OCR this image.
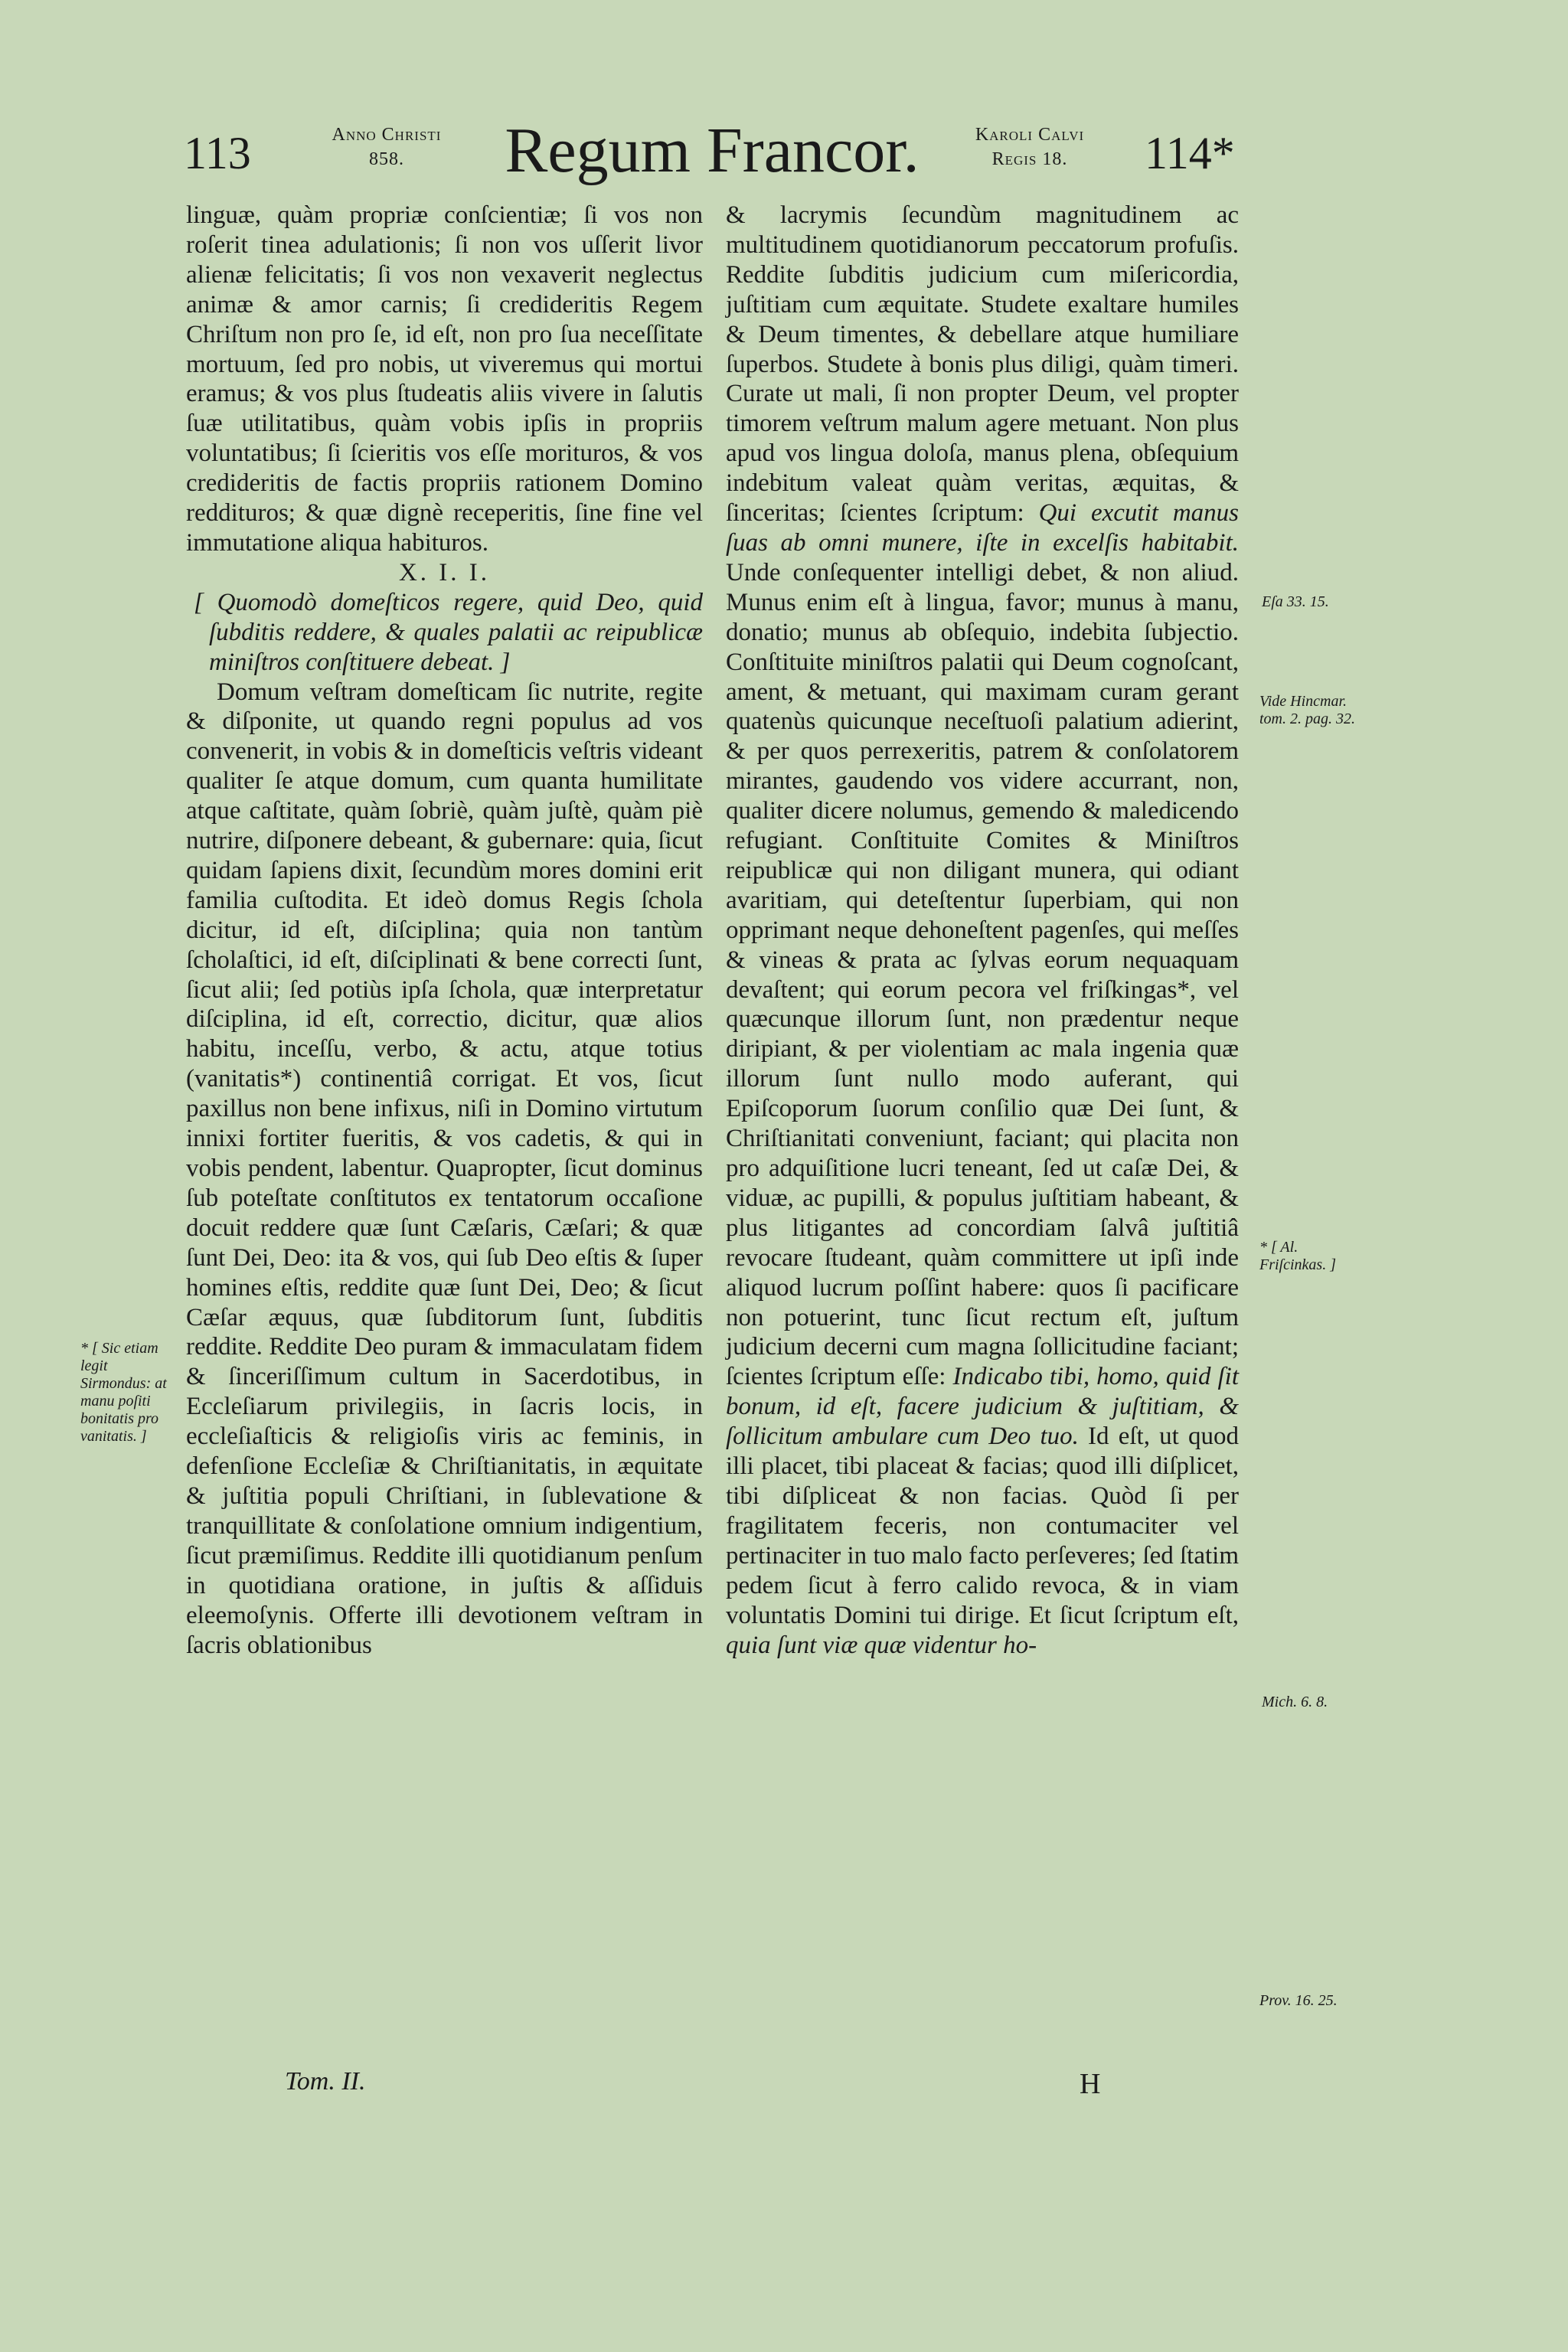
113	Anno Christi
858.	Regum Francor.	Karoli Calvi
Regis 18.	114*

linguæ, quàm propriæ conſcientiæ; ſi vos non roſerit tinea adulationis; ſi non vos uſſerit livor alienæ felicitatis; ſi vos non vexaverit neglectus animæ & amor carnis; ſi credideritis Regem Chriſtum non pro ſe, id eſt, non pro ſua neceſſitate mortuum, ſed pro nobis, ut viveremus qui mortui eramus; & vos plus ſtudeatis aliis vivere in ſalutis ſuæ utilitatibus, quàm vobis ipſis in propriis voluntatibus; ſi ſcieritis vos eſſe morituros, & vos credideritis de factis propriis rationem Domino reddituros; & quæ dignè receperitis, ſine fine vel immutatione aliqua habituros.

X. I. I.

[ Quomodò domeſticos regere, quid Deo, quid ſubditis reddere, & quales palatii ac reipublicæ miniſtros conſtituere debeat. ]

Domum veſtram domeſticam ſic nutrite, regite & diſponite, ut quando regni populus ad vos convenerit, in vobis & in domeſticis veſtris videant qualiter ſe atque domum, cum quanta humilitate atque caſtitate, quàm ſobriè, quàm juſtè, quàm piè nutrire, diſponere debeant, & gubernare: quia, ſicut quidam ſapiens dixit, ſecundùm mores domini erit familia cuſtodita. Et ideò domus Regis ſchola dicitur, id eſt, diſciplina; quia non tantùm ſcholaſtici, id eſt, diſciplinati & bene correcti ſunt, ſicut alii; ſed potiùs ipſa ſchola, quæ interpretatur diſciplina, id eſt, correctio, dicitur, quæ alios habitu, inceſſu, verbo, & actu, atque totius (vanitatis*) continentiâ corrigat. Et vos, ſicut paxillus non bene infixus, niſi in Domino virtutum innixi fortiter fueritis, & vos cadetis, & qui in vobis pendent, labentur. Quapropter, ſicut dominus ſub poteſtate conſtitutos ex tentatorum occaſione docuit reddere quæ ſunt Cæſaris, Cæſari; & quæ ſunt Dei, Deo: ita & vos, qui ſub Deo eſtis & ſuper homines eſtis, reddite quæ ſunt Dei, Deo; & ſicut Cæſar æquus, quæ ſubditorum ſunt, ſubditis reddite. Reddite Deo puram & immaculatam fidem & ſinceriſſimum cultum in Sacerdotibus, in Eccleſiarum privilegiis, in ſacris locis, in eccleſiaſticis & religioſis viris ac feminis, in defenſione Eccleſiæ & Chriſtianitatis, in æquitate & juſtitia populi Chriſtiani, in ſublevatione & tranquillitate & conſolatione omnium indigentium, ſicut præmiſimus. Reddite illi quotidianum penſum in quotidiana oratione, in juſtis & aſſiduis eleemoſynis. Offerte illi devotionem veſtram in ſacris oblationibus

Tom. II.

& lacrymis ſecundùm magnitudinem ac multitudinem quotidianorum peccatorum profuſis. Reddite ſubditis judicium cum miſericordia, juſtitiam cum æquitate. Studete exaltare humiles & Deum timentes, & debellare atque humiliare ſuperbos. Studete à bonis plus diligi, quàm timeri. Curate ut mali, ſi non propter Deum, vel propter timorem veſtrum malum agere metuant. Non plus apud vos lingua doloſa, manus plena, obſequium indebitum valeat quàm veritas, æquitas, & ſinceritas; ſcientes ſcriptum: Qui excutit manus ſuas ab omni munere, iſte in excelſis habitabit. Unde conſequenter intelligi debet, & non aliud. Munus enim eſt à lingua, favor; munus à manu, donatio; munus ab obſequio, indebita ſubjectio. Conſtituite miniſtros palatii qui Deum cognoſcant, ament, & metuant, qui maximam curam gerant quatenùs quicunque neceſtuoſi palatium adierint, & per quos perrexeritis, patrem & conſolatorem mirantes, gaudendo vos videre accurrant, non, qualiter dicere nolumus, gemendo & maledicendo refugiant. Conſtituite Comites & Miniſtros reipublicæ qui non diligant munera, qui odiant avaritiam, qui deteſtentur ſuperbiam, qui non opprimant neque dehoneſtent pagenſes, qui meſſes & vineas & prata ac ſylvas eorum nequaquam devaſtent; qui eorum pecora vel friſkingas*, vel quæcunque illorum ſunt, non prædentur neque diripiant, & per violentiam ac mala ingenia quæ illorum ſunt nullo modo auferant, qui Epiſcoporum ſuorum conſilio quæ Dei ſunt, & Chriſtianitati conveniunt, faciant; qui placita non pro adquiſitione lucri teneant, ſed ut caſæ Dei, & viduæ, ac pupilli, & populus juſtitiam habeant, & plus litigantes ad concordiam ſalvâ juſtitiâ revocare ſtudeant, quàm committere ut ipſi inde aliquod lucrum poſſint habere: quos ſi pacificare non potuerint, tunc ſicut rectum eſt, juſtum judicium decerni cum magna ſollicitudine faciant; ſcientes ſcriptum eſſe: Indicabo tibi, homo, quid ſit bonum, id eſt, facere judicium & juſtitiam, & ſollicitum ambulare cum Deo tuo. Id eſt, ut quod illi placet, tibi placeat & facias; quod illi diſplicet, tibi diſpliceat & non facias. Quòd ſi per fragilitatem feceris, non contumaciter vel pertinaciter in tuo malo facto perſeveres; ſed ſtatim pedem ſicut à ferro calido revoca, & in viam voluntatis Domini tui dirige. Et ſicut ſcriptum eſt, quia ſunt viæ quæ videntur ho-

H
* [ Sic etiam legit Sirmondus: at manu poſiti bonitatis pro vanitatis. ]
Eſa 33. 15.
Vide Hincmar. tom. 2. pag. 32.
* [ Al. Friſcinkas. ]
Mich. 6. 8.
Prov. 16. 25.
